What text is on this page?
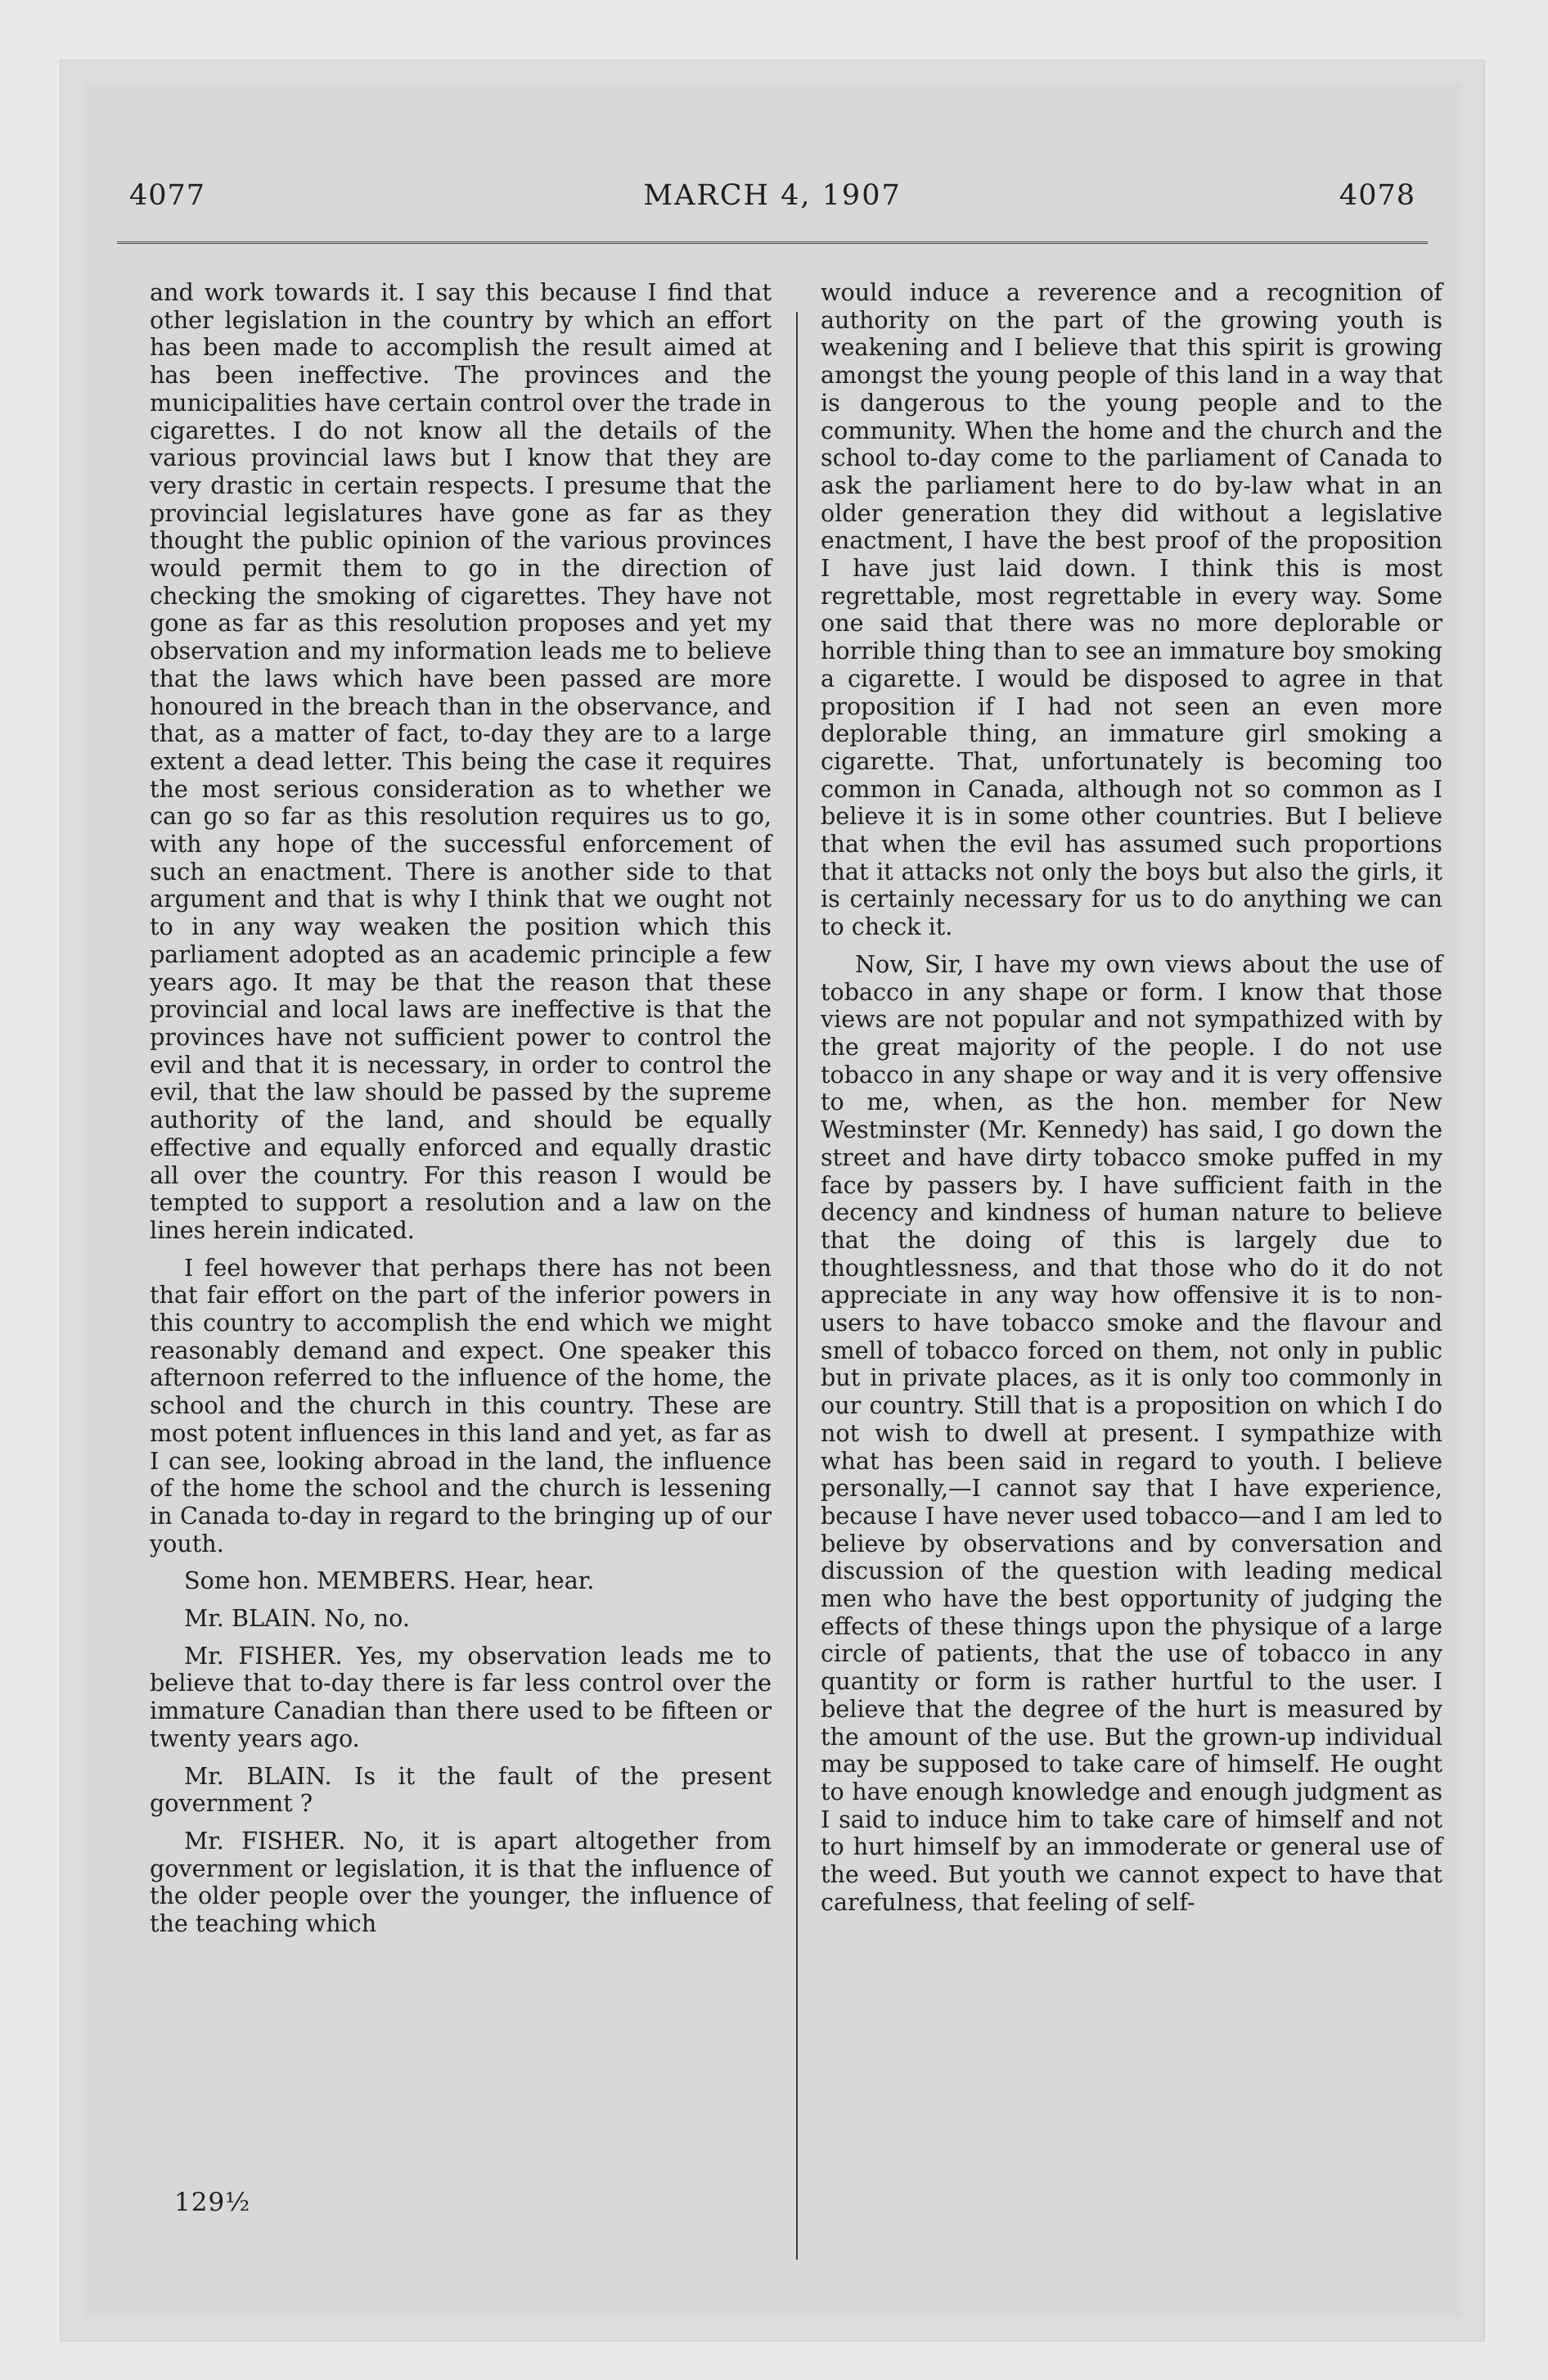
4077	MARCH 4, 1907	4078

and work towards it. I say this because I find that other legislation in the country by which an effort has been made to accomplish the result aimed at has been ineffective. The provinces and the municipalities have certain control over the trade in cigarettes. I do not know all the details of the various provincial laws but I know that they are very drastic in certain respects. I presume that the provincial legislatures have gone as far as they thought the public opinion of the various provinces would permit them to go in the direction of checking the smoking of cigarettes. They have not gone as far as this resolution proposes and yet my observation and my information leads me to believe that the laws which have been passed are more honoured in the breach than in the observance, and that, as a matter of fact, to-day they are to a large extent a dead letter. This being the case it requires the most serious consideration as to whether we can go so far as this resolution requires us to go, with any hope of the successful enforcement of such an enactment. There is another side to that argument and that is why I think that we ought not to in any way weaken the position which this parliament adopted as an academic principle a few years ago. It may be that the reason that these provincial and local laws are ineffective is that the provinces have not sufficient power to control the evil and that it is necessary, in order to control the evil, that the law should be passed by the supreme authority of the land, and should be equally effective and equally enforced and equally drastic all over the country. For this reason I would be tempted to support a resolution and a law on the lines herein indicated.

I feel however that perhaps there has not been that fair effort on the part of the inferior powers in this country to accomplish the end which we might reasonably demand and expect. One speaker this afternoon referred to the influence of the home, the school and the church in this country. These are most potent influences in this land and yet, as far as I can see, looking abroad in the land, the influence of the home the school and the church is lessening in Canada to-day in regard to the bringing up of our youth.

Some hon. MEMBERS. Hear, hear.

Mr. BLAIN. No, no.

Mr. FISHER. Yes, my observation leads me to believe that to-day there is far less control over the immature Canadian than there used to be fifteen or twenty years ago.

Mr. BLAIN. Is it the fault of the present government ?

Mr. FISHER. No, it is apart altogether from government or legislation, it is that the influence of the older people over the younger, the influence of the teaching which

would induce a reverence and a recognition of authority on the part of the growing youth is weakening and I believe that this spirit is growing amongst the young people of this land in a way that is dangerous to the young people and to the community. When the home and the church and the school to-day come to the parliament of Canada to ask the parliament here to do by-law what in an older generation they did without a legislative enactment, I have the best proof of the proposition I have just laid down. I think this is most regrettable, most regrettable in every way. Some one said that there was no more deplorable or horrible thing than to see an immature boy smoking a cigarette. I would be disposed to agree in that proposition if I had not seen an even more deplorable thing, an immature girl smoking a cigarette. That, unfortunately is becoming too common in Canada, although not so common as I believe it is in some other countries. But I believe that when the evil has assumed such proportions that it attacks not only the boys but also the girls, it is certainly necessary for us to do anything we can to check it.

Now, Sir, I have my own views about the use of tobacco in any shape or form. I know that those views are not popular and not sympathized with by the great majority of the people. I do not use tobacco in any shape or way and it is very offensive to me, when, as the hon. member for New Westminster (Mr. Kennedy) has said, I go down the street and have dirty tobacco smoke puffed in my face by passers by. I have sufficient faith in the decency and kindness of human nature to believe that the doing of this is largely due to thoughtlessness, and that those who do it do not appreciate in any way how offensive it is to non-users to have tobacco smoke and the flavour and smell of tobacco forced on them, not only in public but in private places, as it is only too commonly in our country. Still that is a proposition on which I do not wish to dwell at present. I sympathize with what has been said in regard to youth. I believe personally,—I cannot say that I have experience, because I have never used tobacco—and I am led to believe by observations and by conversation and discussion of the question with leading medical men who have the best opportunity of judging the effects of these things upon the physique of a large circle of patients, that the use of tobacco in any quantity or form is rather hurtful to the user. I believe that the degree of the hurt is measured by the amount of the use. But the grown-up individual may be supposed to take care of himself. He ought to have enough knowledge and enough judgment as I said to induce him to take care of himself and not to hurt himself by an immoderate or general use of the weed. But youth we cannot expect to have that carefulness, that feeling of self-

129½
